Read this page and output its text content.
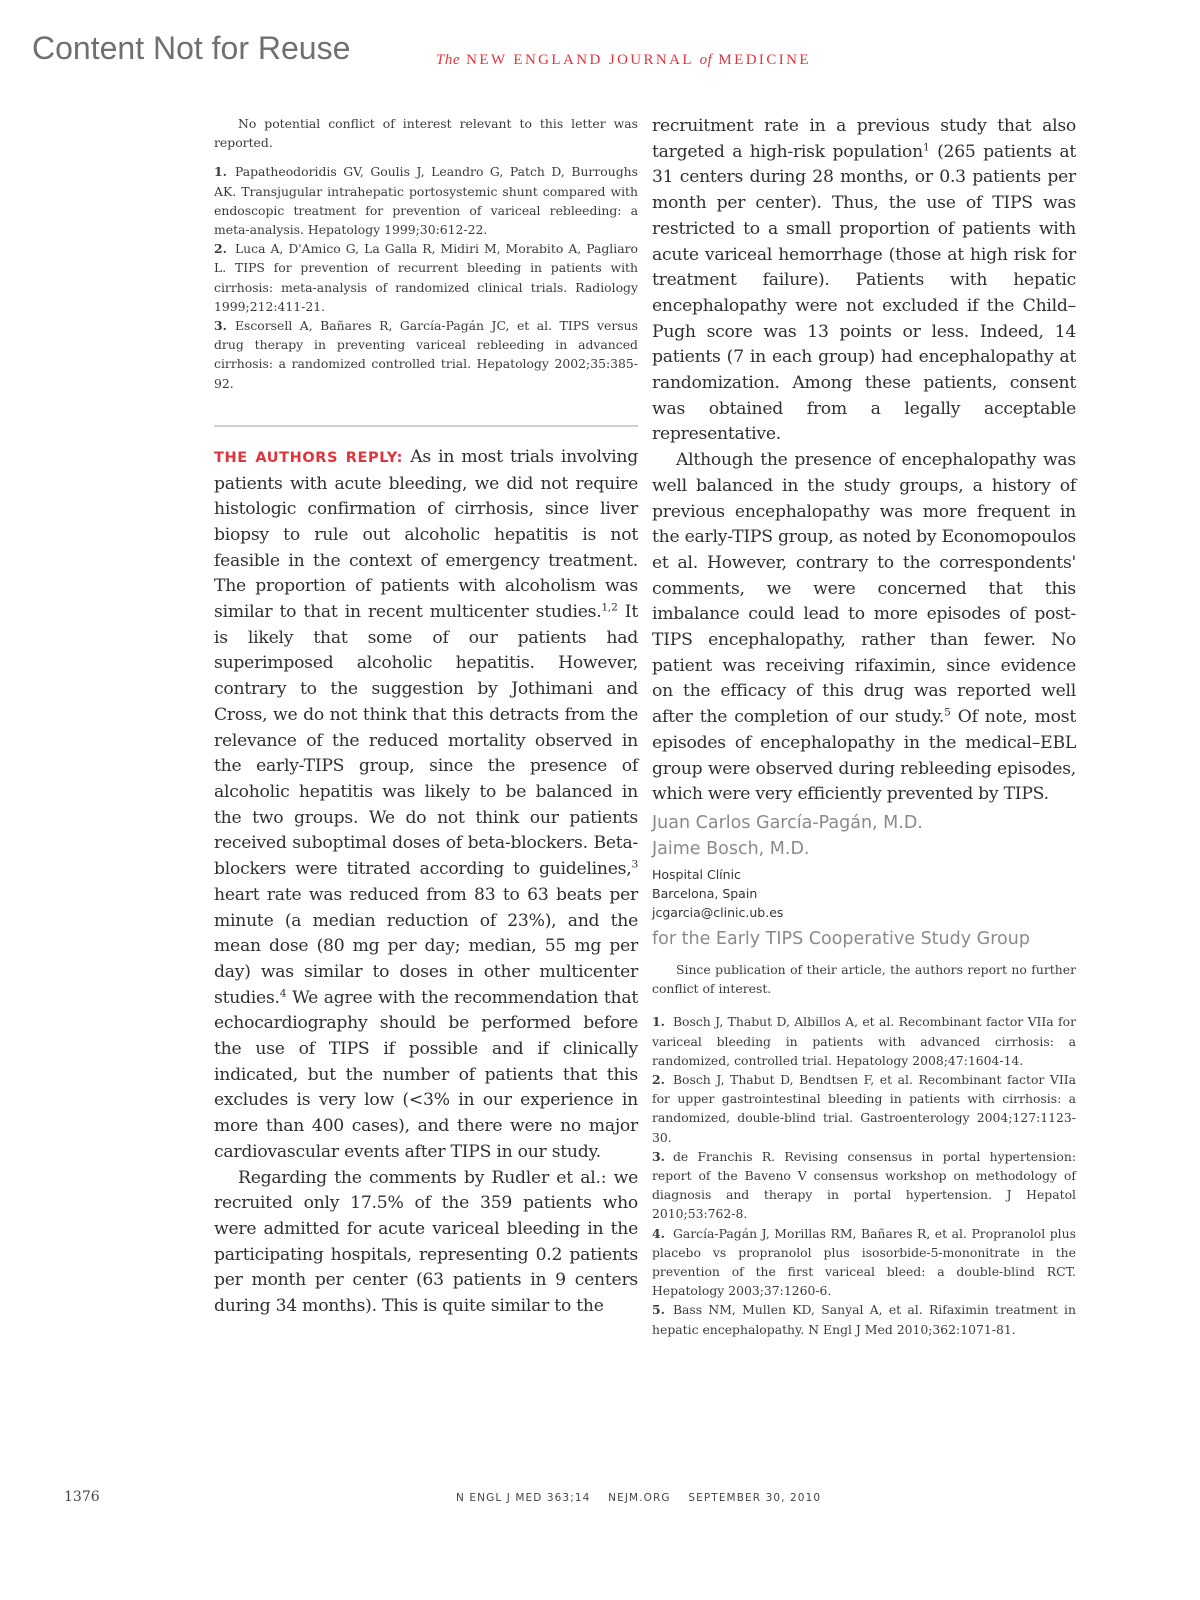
Content Not for Reuse	The NEW ENGLAND JOURNAL of MEDICINE

No potential conflict of interest relevant to this letter was reported.

1. Papatheodoridis GV, Goulis J, Leandro G, Patch D, Burroughs AK. Transjugular intrahepatic portosystemic shunt compared with endoscopic treatment for prevention of variceal rebleeding: a meta-analysis. Hepatology 1999;30:612-22.

2. Luca A, D'Amico G, La Galla R, Midiri M, Morabito A, Pagliaro L. TIPS for prevention of recurrent bleeding in patients with cirrhosis: meta-analysis of randomized clinical trials. Radiology 1999;212:411-21.

3. Escorsell A, Bañares R, García-Pagán JC, et al. TIPS versus drug therapy in preventing variceal rebleeding in advanced cirrhosis: a randomized controlled trial. Hepatology 2002;35:385-92.

THE AUTHORS REPLY: As in most trials involving patients with acute bleeding, we did not require histologic confirmation of cirrhosis, since liver biopsy to rule out alcoholic hepatitis is not feasible in the context of emergency treatment. The proportion of patients with alcoholism was similar to that in recent multicenter studies.$^{1,2}$ It is likely that some of our patients had superimposed alcoholic hepatitis. However, contrary to the suggestion by Jothimani and Cross, we do not think that this detracts from the relevance of the reduced mortality observed in the early-TIPS group, since the presence of alcoholic hepatitis was likely to be balanced in the two groups. We do not think our patients received suboptimal doses of beta-blockers. Beta-blockers were titrated according to guidelines,$^3$ heart rate was reduced from 83 to 63 beats per minute (a median reduction of 23%), and the mean dose (80 mg per day; median, 55 mg per day) was similar to doses in other multicenter studies.$^4$ We agree with the recommendation that echocardiography should be performed before the use of TIPS if possible and if clinically indicated, but the number of patients that this excludes is very low (<3% in our experience in more than 400 cases), and there were no major cardiovascular events after TIPS in our study.

Regarding the comments by Rudler et al.: we recruited only 17.5% of the 359 patients who were admitted for acute variceal bleeding in the participating hospitals, representing 0.2 patients per month per center (63 patients in 9 centers during 34 months). This is quite similar to the

recruitment rate in a previous study that also targeted a high-risk population$^1$ (265 patients at 31 centers during 28 months, or 0.3 patients per month per center). Thus, the use of TIPS was restricted to a small proportion of patients with acute variceal hemorrhage (those at high risk for treatment failure). Patients with hepatic encephalopathy were not excluded if the Child–Pugh score was 13 points or less. Indeed, 14 patients (7 in each group) had encephalopathy at randomization. Among these patients, consent was obtained from a legally acceptable representative.

Although the presence of encephalopathy was well balanced in the study groups, a history of previous encephalopathy was more frequent in the early-TIPS group, as noted by Economopoulos et al. However, contrary to the correspondents' comments, we were concerned that this imbalance could lead to more episodes of post-TIPS encephalopathy, rather than fewer. No patient was receiving rifaximin, since evidence on the efficacy of this drug was reported well after the completion of our study.$^5$ Of note, most episodes of encephalopathy in the medical–EBL group were observed during rebleeding episodes, which were very efficiently prevented by TIPS.

Juan Carlos García-Pagán, M.D.
Jaime Bosch, M.D.
Hospital Clínic
Barcelona, Spain
jcgarcia@clinic.ub.es
for the Early TIPS Cooperative Study Group

Since publication of their article, the authors report no further conflict of interest.

1. Bosch J, Thabut D, Albillos A, et al. Recombinant factor VIIa for variceal bleeding in patients with advanced cirrhosis: a randomized, controlled trial. Hepatology 2008;47:1604-14.

2. Bosch J, Thabut D, Bendtsen F, et al. Recombinant factor VIIa for upper gastrointestinal bleeding in patients with cirrhosis: a randomized, double-blind trial. Gastroenterology 2004;127:1123-30.

3. de Franchis R. Revising consensus in portal hypertension: report of the Baveno V consensus workshop on methodology of diagnosis and therapy in portal hypertension. J Hepatol 2010;53:762-8.

4. García-Pagán J, Morillas RM, Bañares R, et al. Propranolol plus placebo vs propranolol plus isosorbide-5-mononitrate in the prevention of the first variceal bleed: a double-blind RCT. Hepatology 2003;37:1260-6.

5. Bass NM, Mullen KD, Sanyal A, et al. Rifaximin treatment in hepatic encephalopathy. N Engl J Med 2010;362:1071-81.

1376	N ENGL J MED 363;14    NEJM.ORG    SEPTEMBER 30, 2010
